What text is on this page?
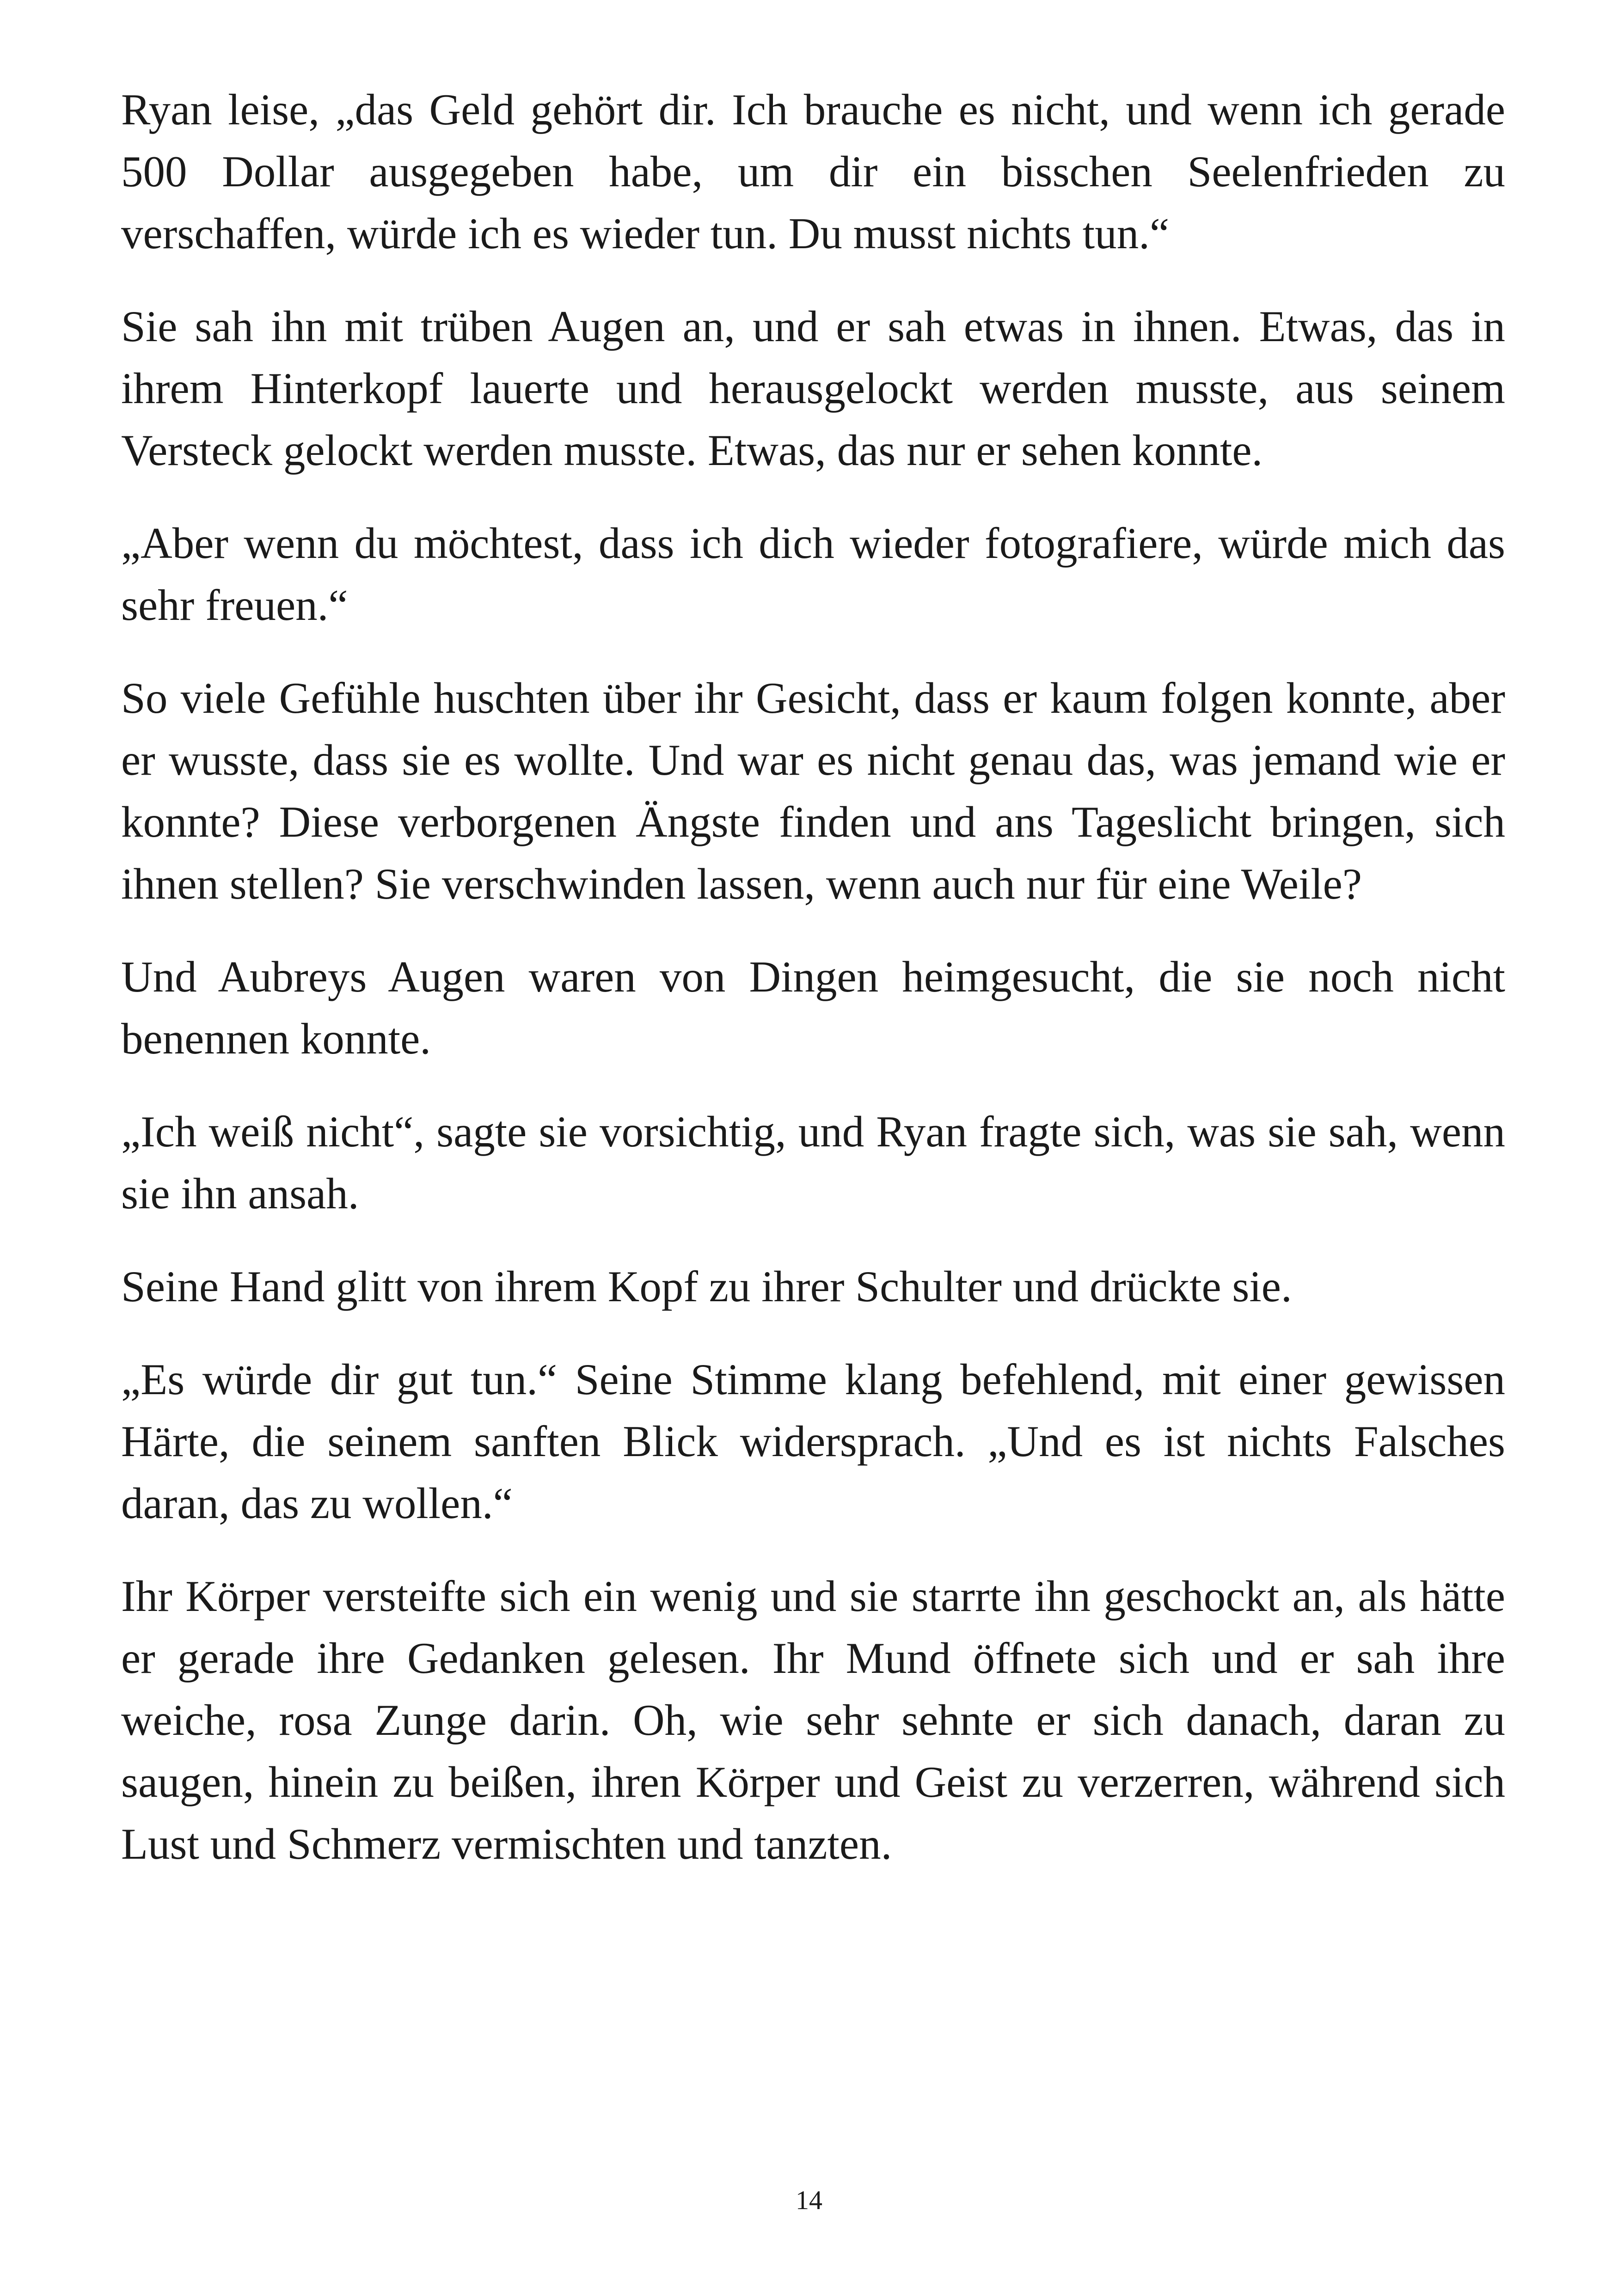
Ryan leise, „das Geld gehört dir. Ich brauche es nicht, und wenn ich gerade 500 Dollar ausgegeben habe, um dir ein bisschen Seelenfrieden zu verschaffen, würde ich es wieder tun. Du musst nichts tun.“

Sie sah ihn mit trüben Augen an, und er sah etwas in ihnen. Etwas, das in ihrem Hinterkopf lauerte und herausgelockt werden musste, aus seinem Versteck gelockt werden musste. Etwas, das nur er sehen konnte.

„Aber wenn du möchtest, dass ich dich wieder fotografiere, würde mich das sehr freuen.“

So viele Gefühle huschten über ihr Gesicht, dass er kaum folgen konnte, aber er wusste, dass sie es wollte. Und war es nicht genau das, was jemand wie er konnte? Diese verborgenen Ängste finden und ans Tageslicht bringen, sich ihnen stellen? Sie verschwinden lassen, wenn auch nur für eine Weile?

Und Aubreys Augen waren von Dingen heimgesucht, die sie noch nicht benennen konnte.

„Ich weiß nicht“, sagte sie vorsichtig, und Ryan fragte sich, was sie sah, wenn sie ihn ansah.

Seine Hand glitt von ihrem Kopf zu ihrer Schulter und drückte sie.

„Es würde dir gut tun.“ Seine Stimme klang befehlend, mit einer gewissen Härte, die seinem sanften Blick widersprach. „Und es ist nichts Falsches daran, das zu wollen.“

Ihr Körper versteifte sich ein wenig und sie starrte ihn geschockt an, als hätte er gerade ihre Gedanken gelesen. Ihr Mund öffnete sich und er sah ihre weiche, rosa Zunge darin. Oh, wie sehr sehnte er sich danach, daran zu saugen, hinein zu beißen, ihren Körper und Geist zu verzerren, während sich Lust und Schmerz vermischten und tanzten.

14
